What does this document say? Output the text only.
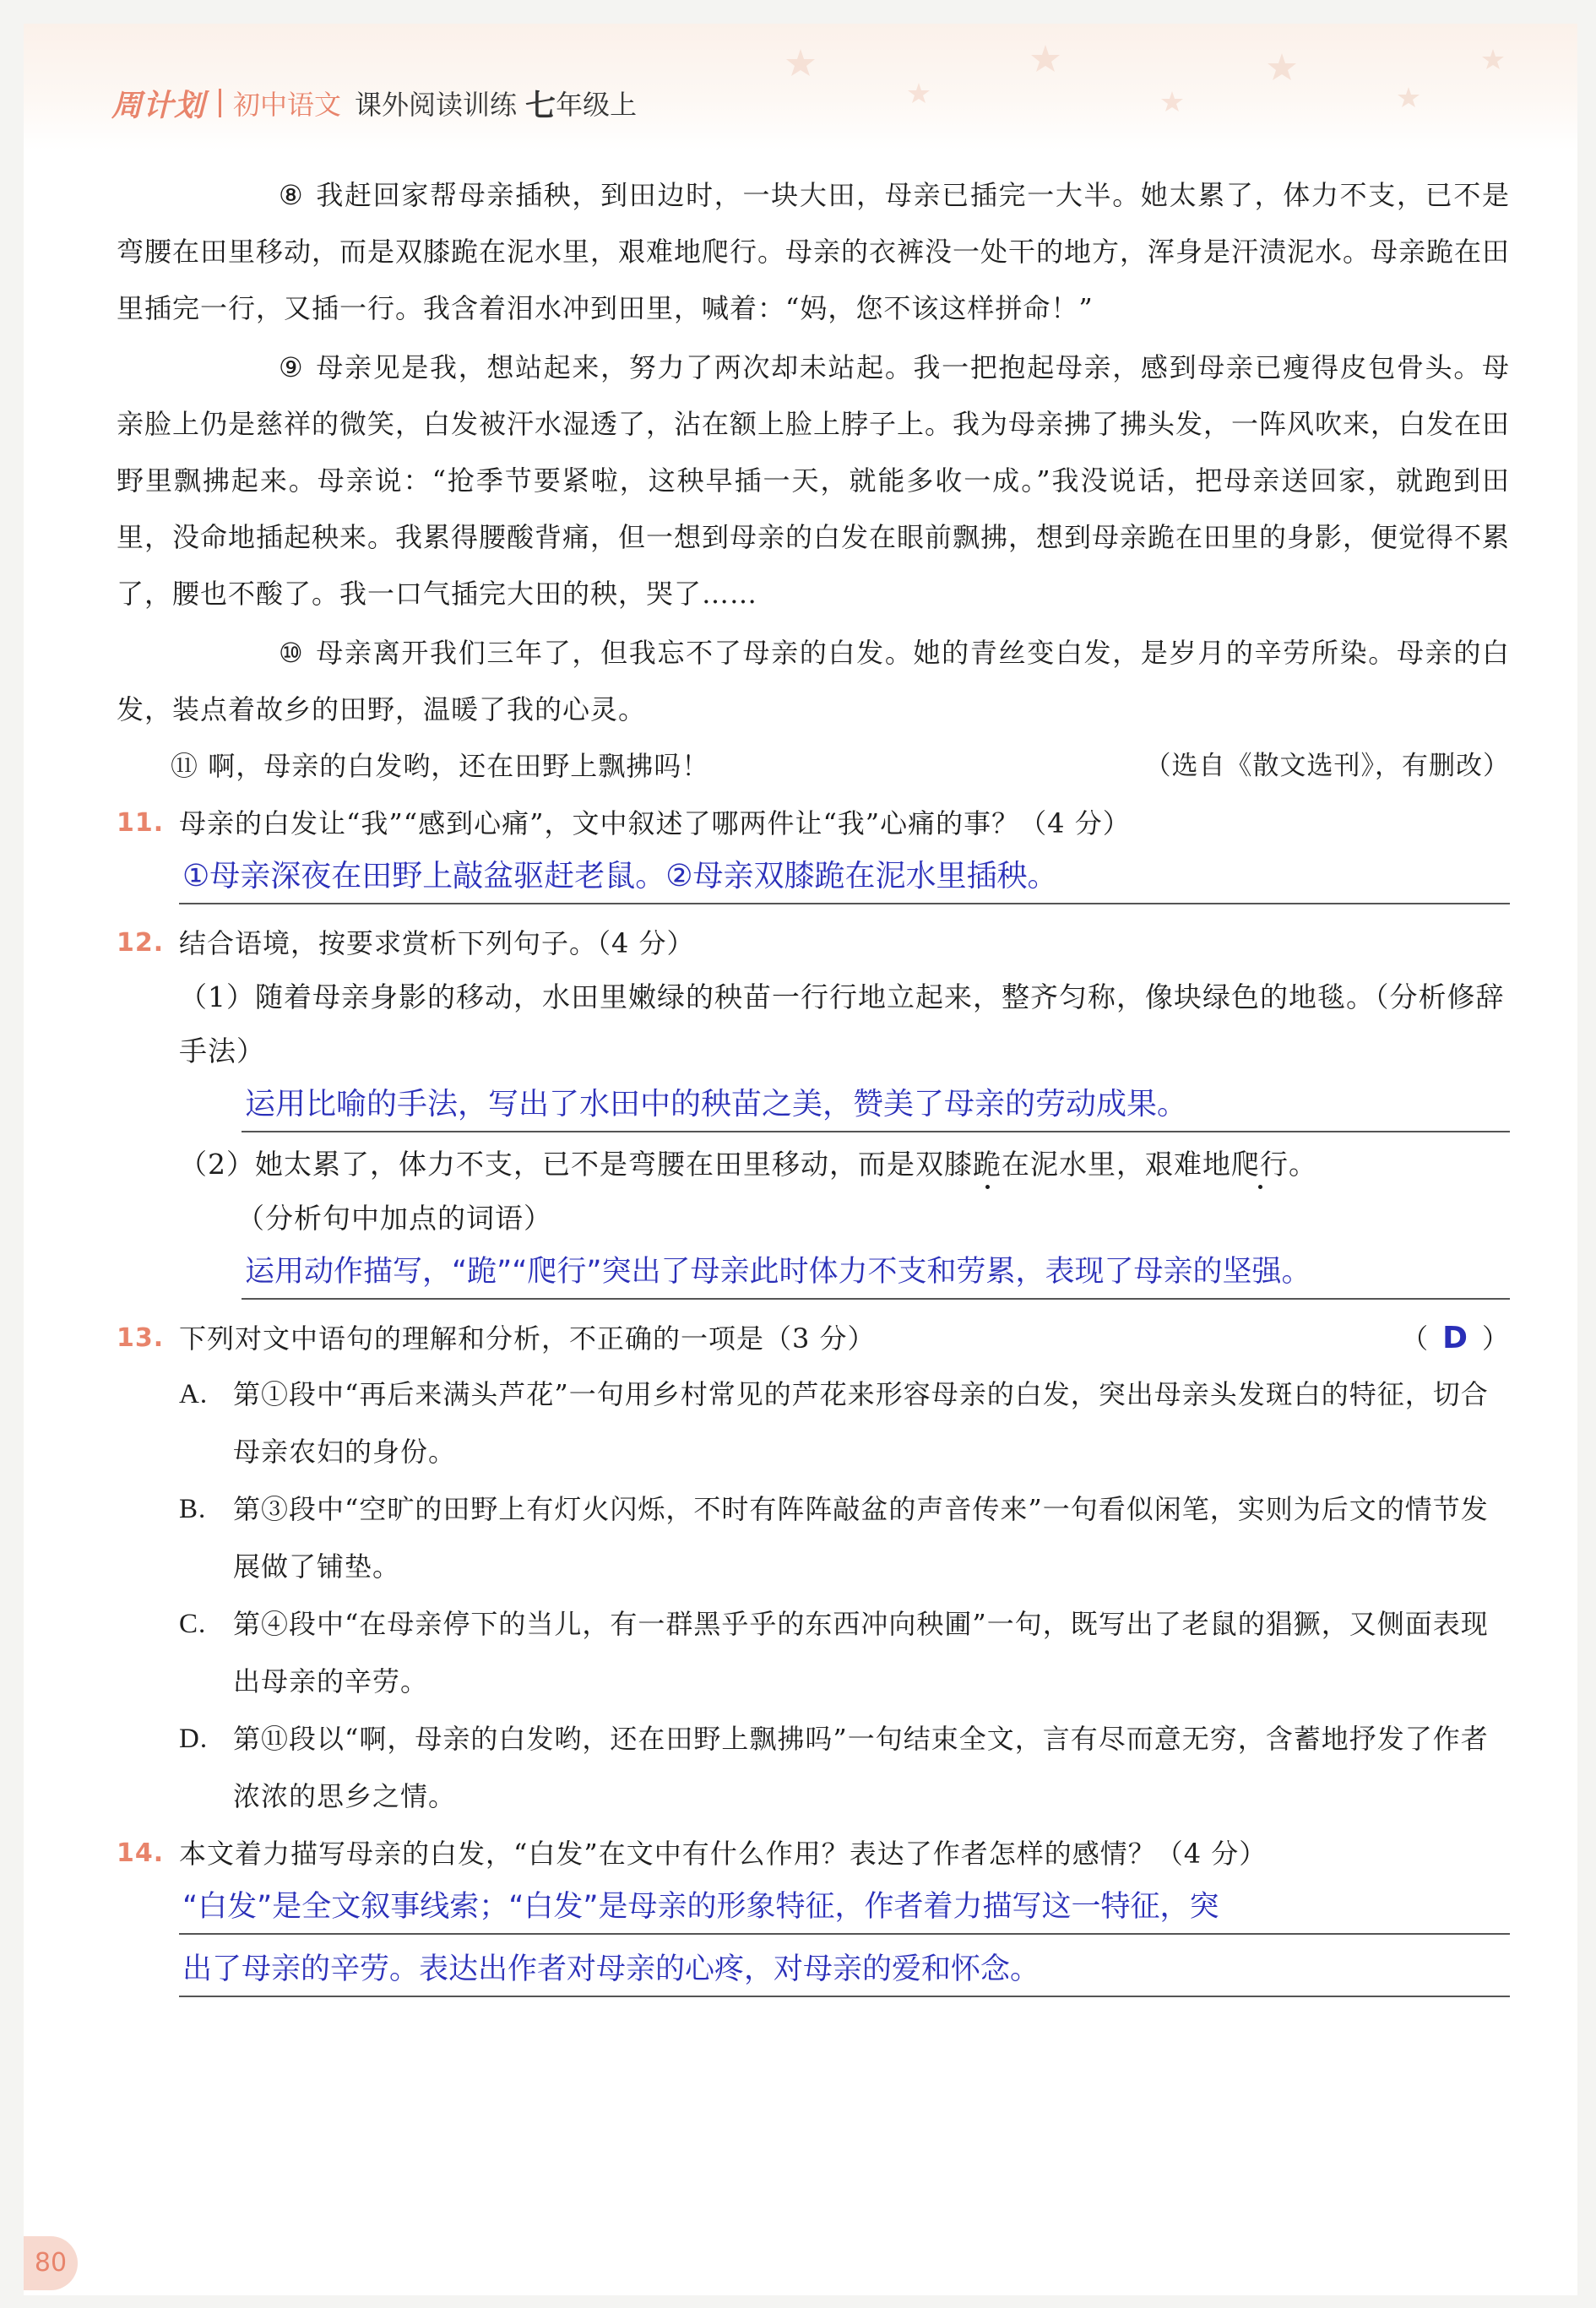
周计划 初中语文 课外阅读训练 七 年级上

⑧ 我赶回家帮母亲插秧，到田边时，一块大田，母亲已插完一大半。她太累了，体力不支，已不是弯腰在田里移动，而是双膝跪在泥水里，艰难地爬行。母亲的衣裤没一处干的地方，浑身是汗渍泥水。母亲跪在田里插完一行，又插一行。我含着泪水冲到田里，喊着：“妈，您不该这样拼命！”

⑨ 母亲见是我，想站起来，努力了两次却未站起。我一把抱起母亲，感到母亲已瘦得皮包骨头。母亲脸上仍是慈祥的微笑，白发被汗水湿透了，沾在额上脸上脖子上。我为母亲拂了拂头发，一阵风吹来，白发在田野里飘拂起来。母亲说：“抢季节要紧啦，这秧早插一天，就能多收一成。”我没说话，把母亲送回家，就跑到田里，没命地插起秧来。我累得腰酸背痛，但一想到母亲的白发在眼前飘拂，想到母亲跪在田里的身影，便觉得不累了，腰也不酸了。我一口气插完大田的秧，哭了……

⑩ 母亲离开我们三年了，但我忘不了母亲的白发。她的青丝变白发，是岁月的辛劳所染。母亲的白发，装点着故乡的田野，温暖了我的心灵。

⑪ 啊，母亲的白发哟，还在田野上飘拂吗！	（选自《散文选刊》，有删改）
11. 母亲的白发让“我”“感到心痛”，文中叙述了哪两件让“我”心痛的事？（4 分）
①母亲深夜在田野上敲盆驱赶老鼠。②母亲双膝跪在泥水里插秧。
12. 结合语境，按要求赏析下列句子。（4 分）
（1）随着母亲身影的移动，水田里嫩绿的秧苗一行行地立起来，整齐匀称，像块绿色的地毯。（分析修辞手法）
运用比喻的手法，写出了水田中的秧苗之美，赞美了母亲的劳动成果。
（2）她太累了，体力不支，已不是弯腰在田里移动，而是双膝跪在泥水里，艰难地爬行。
（分析句中加点的词语）
运用动作描写，“跪”“爬行”突出了母亲此时体力不支和劳累，表现了母亲的坚强。
13. 下列对文中语句的理解和分析，不正确的一项是（3 分）	（ D ）
A. 第①段中“再后来满头芦花”一句用乡村常见的芦花来形容母亲的白发，突出母亲头发斑白的特征，切合母亲农妇的身份。
B. 第③段中“空旷的田野上有灯火闪烁，不时有阵阵敲盆的声音传来”一句看似闲笔，实则为后文的情节发展做了铺垫。
C. 第④段中“在母亲停下的当儿，有一群黑乎乎的东西冲向秧圃”一句，既写出了老鼠的猖獗，又侧面表现出母亲的辛劳。
D. 第⑪段以“啊，母亲的白发哟，还在田野上飘拂吗”一句结束全文，言有尽而意无穷，含蓄地抒发了作者浓浓的思乡之情。
14. 本文着力描写母亲的白发，“白发”在文中有什么作用？表达了作者怎样的感情？（4 分）
“白发”是全文叙事线索；“白发”是母亲的形象特征，作者着力描写这一特征，突
出了母亲的辛劳。表达出作者对母亲的心疼，对母亲的爱和怀念。
80
